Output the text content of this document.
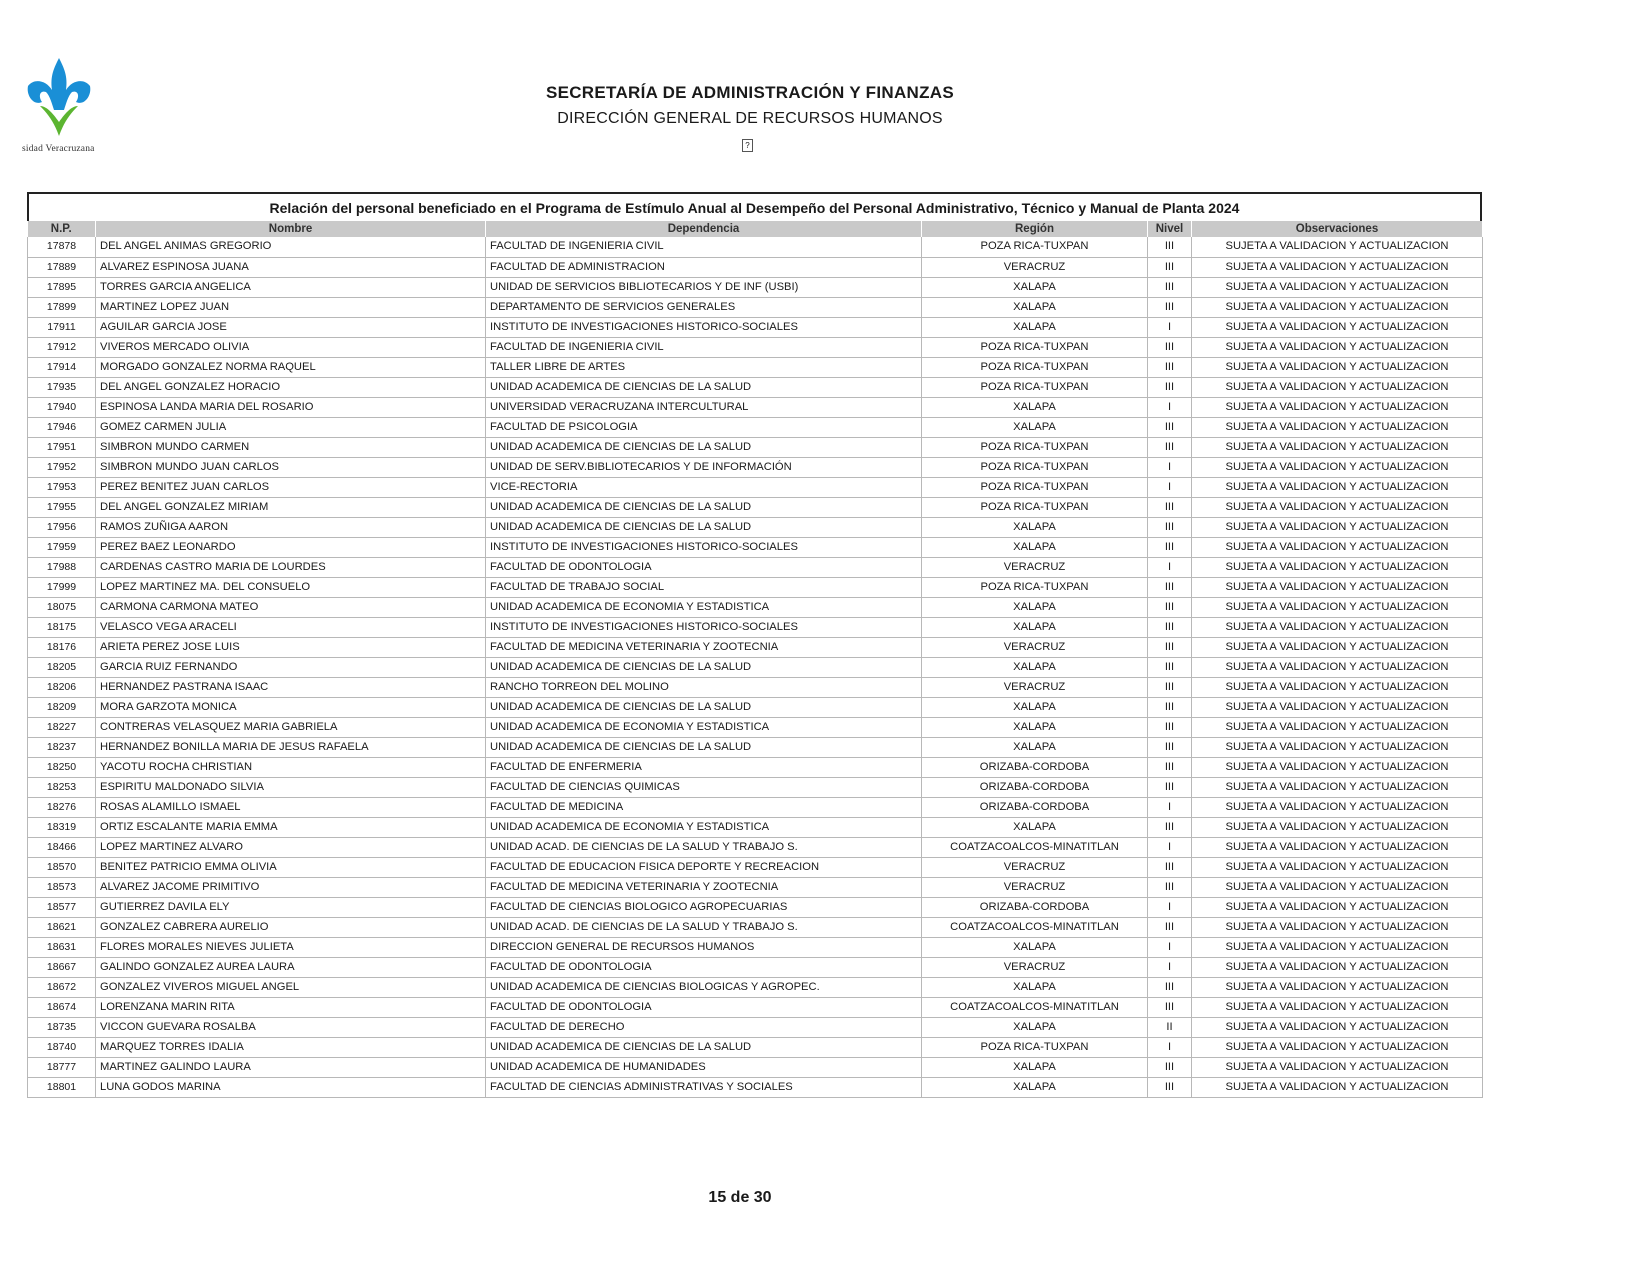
sidad Veracruzana
SECRETARÍA DE ADMINISTRACIÓN Y FINANZAS
DIRECCIÓN GENERAL DE RECURSOS HUMANOS
?
Relación del personal beneficiado en el Programa de Estímulo Anual al Desempeño del Personal Administrativo, Técnico y Manual de Planta 2024
N.P.	Nombre	Dependencia	Región	Nivel	Observaciones
17878	DEL ANGEL ANIMAS GREGORIO	FACULTAD DE INGENIERIA CIVIL	POZA RICA-TUXPAN	III	SUJETA A VALIDACION Y ACTUALIZACION
17889	ALVAREZ ESPINOSA JUANA	FACULTAD DE ADMINISTRACION	VERACRUZ	III	SUJETA A VALIDACION Y ACTUALIZACION
17895	TORRES GARCIA ANGELICA	UNIDAD DE SERVICIOS BIBLIOTECARIOS Y DE INF (USBI)	XALAPA	III	SUJETA A VALIDACION Y ACTUALIZACION
17899	MARTINEZ LOPEZ JUAN	DEPARTAMENTO DE SERVICIOS GENERALES	XALAPA	III	SUJETA A VALIDACION Y ACTUALIZACION
17911	AGUILAR GARCIA JOSE	INSTITUTO DE INVESTIGACIONES HISTORICO-SOCIALES	XALAPA	I	SUJETA A VALIDACION Y ACTUALIZACION
17912	VIVEROS MERCADO OLIVIA	FACULTAD DE INGENIERIA CIVIL	POZA RICA-TUXPAN	III	SUJETA A VALIDACION Y ACTUALIZACION
17914	MORGADO GONZALEZ NORMA RAQUEL	TALLER LIBRE DE ARTES	POZA RICA-TUXPAN	III	SUJETA A VALIDACION Y ACTUALIZACION
17935	DEL ANGEL GONZALEZ HORACIO	UNIDAD ACADEMICA DE CIENCIAS DE LA SALUD	POZA RICA-TUXPAN	III	SUJETA A VALIDACION Y ACTUALIZACION
17940	ESPINOSA LANDA MARIA DEL ROSARIO	UNIVERSIDAD VERACRUZANA INTERCULTURAL	XALAPA	I	SUJETA A VALIDACION Y ACTUALIZACION
17946	GOMEZ CARMEN JULIA	FACULTAD DE PSICOLOGIA	XALAPA	III	SUJETA A VALIDACION Y ACTUALIZACION
17951	SIMBRON MUNDO CARMEN	UNIDAD ACADEMICA DE CIENCIAS DE LA SALUD	POZA RICA-TUXPAN	III	SUJETA A VALIDACION Y ACTUALIZACION
17952	SIMBRON MUNDO JUAN CARLOS	UNIDAD DE SERV.BIBLIOTECARIOS Y DE INFORMACIÓN	POZA RICA-TUXPAN	I	SUJETA A VALIDACION Y ACTUALIZACION
17953	PEREZ BENITEZ JUAN CARLOS	VICE-RECTORIA	POZA RICA-TUXPAN	I	SUJETA A VALIDACION Y ACTUALIZACION
17955	DEL ANGEL GONZALEZ MIRIAM	UNIDAD ACADEMICA DE CIENCIAS DE LA SALUD	POZA RICA-TUXPAN	III	SUJETA A VALIDACION Y ACTUALIZACION
17956	RAMOS ZUÑIGA AARON	UNIDAD ACADEMICA DE CIENCIAS DE LA SALUD	XALAPA	III	SUJETA A VALIDACION Y ACTUALIZACION
17959	PEREZ BAEZ LEONARDO	INSTITUTO DE INVESTIGACIONES HISTORICO-SOCIALES	XALAPA	III	SUJETA A VALIDACION Y ACTUALIZACION
17988	CARDENAS CASTRO MARIA DE LOURDES	FACULTAD DE ODONTOLOGIA	VERACRUZ	I	SUJETA A VALIDACION Y ACTUALIZACION
17999	LOPEZ MARTINEZ MA. DEL CONSUELO	FACULTAD DE TRABAJO SOCIAL	POZA RICA-TUXPAN	III	SUJETA A VALIDACION Y ACTUALIZACION
18075	CARMONA CARMONA MATEO	UNIDAD ACADEMICA DE ECONOMIA Y ESTADISTICA	XALAPA	III	SUJETA A VALIDACION Y ACTUALIZACION
18175	VELASCO VEGA ARACELI	INSTITUTO DE INVESTIGACIONES HISTORICO-SOCIALES	XALAPA	III	SUJETA A VALIDACION Y ACTUALIZACION
18176	ARIETA PEREZ JOSE LUIS	FACULTAD DE MEDICINA VETERINARIA Y ZOOTECNIA	VERACRUZ	III	SUJETA A VALIDACION Y ACTUALIZACION
18205	GARCIA RUIZ FERNANDO	UNIDAD ACADEMICA DE CIENCIAS DE LA SALUD	XALAPA	III	SUJETA A VALIDACION Y ACTUALIZACION
18206	HERNANDEZ PASTRANA ISAAC	RANCHO TORREON DEL MOLINO	VERACRUZ	III	SUJETA A VALIDACION Y ACTUALIZACION
18209	MORA GARZOTA MONICA	UNIDAD ACADEMICA DE CIENCIAS DE LA SALUD	XALAPA	III	SUJETA A VALIDACION Y ACTUALIZACION
18227	CONTRERAS VELASQUEZ MARIA GABRIELA	UNIDAD ACADEMICA DE ECONOMIA Y ESTADISTICA	XALAPA	III	SUJETA A VALIDACION Y ACTUALIZACION
18237	HERNANDEZ BONILLA MARIA DE JESUS RAFAELA	UNIDAD ACADEMICA DE CIENCIAS DE LA SALUD	XALAPA	III	SUJETA A VALIDACION Y ACTUALIZACION
18250	YACOTU ROCHA CHRISTIAN	FACULTAD DE ENFERMERIA	ORIZABA-CORDOBA	III	SUJETA A VALIDACION Y ACTUALIZACION
18253	ESPIRITU MALDONADO SILVIA	FACULTAD DE CIENCIAS QUIMICAS	ORIZABA-CORDOBA	III	SUJETA A VALIDACION Y ACTUALIZACION
18276	ROSAS ALAMILLO ISMAEL	FACULTAD DE MEDICINA	ORIZABA-CORDOBA	I	SUJETA A VALIDACION Y ACTUALIZACION
18319	ORTIZ ESCALANTE MARIA EMMA	UNIDAD ACADEMICA DE ECONOMIA Y ESTADISTICA	XALAPA	III	SUJETA A VALIDACION Y ACTUALIZACION
18466	LOPEZ MARTINEZ ALVARO	UNIDAD ACAD. DE CIENCIAS DE LA SALUD Y TRABAJO S.	COATZACOALCOS-MINATITLAN	I	SUJETA A VALIDACION Y ACTUALIZACION
18570	BENITEZ PATRICIO EMMA OLIVIA	FACULTAD DE EDUCACION FISICA DEPORTE Y RECREACION	VERACRUZ	III	SUJETA A VALIDACION Y ACTUALIZACION
18573	ALVAREZ JACOME PRIMITIVO	FACULTAD DE MEDICINA VETERINARIA Y ZOOTECNIA	VERACRUZ	III	SUJETA A VALIDACION Y ACTUALIZACION
18577	GUTIERREZ DAVILA ELY	FACULTAD DE CIENCIAS BIOLOGICO AGROPECUARIAS	ORIZABA-CORDOBA	I	SUJETA A VALIDACION Y ACTUALIZACION
18621	GONZALEZ CABRERA AURELIO	UNIDAD ACAD. DE CIENCIAS DE LA SALUD Y TRABAJO S.	COATZACOALCOS-MINATITLAN	III	SUJETA A VALIDACION Y ACTUALIZACION
18631	FLORES MORALES NIEVES JULIETA	DIRECCION GENERAL DE RECURSOS HUMANOS	XALAPA	I	SUJETA A VALIDACION Y ACTUALIZACION
18667	GALINDO GONZALEZ AUREA LAURA	FACULTAD DE ODONTOLOGIA	VERACRUZ	I	SUJETA A VALIDACION Y ACTUALIZACION
18672	GONZALEZ VIVEROS MIGUEL ANGEL	UNIDAD ACADEMICA DE CIENCIAS BIOLOGICAS Y AGROPEC.	XALAPA	III	SUJETA A VALIDACION Y ACTUALIZACION
18674	LORENZANA MARIN RITA	FACULTAD DE ODONTOLOGIA	COATZACOALCOS-MINATITLAN	III	SUJETA A VALIDACION Y ACTUALIZACION
18735	VICCON GUEVARA ROSALBA	FACULTAD DE DERECHO	XALAPA	II	SUJETA A VALIDACION Y ACTUALIZACION
18740	MARQUEZ TORRES IDALIA	UNIDAD ACADEMICA DE CIENCIAS DE LA SALUD	POZA RICA-TUXPAN	I	SUJETA A VALIDACION Y ACTUALIZACION
18777	MARTINEZ GALINDO LAURA	UNIDAD ACADEMICA DE HUMANIDADES	XALAPA	III	SUJETA A VALIDACION Y ACTUALIZACION
18801	LUNA GODOS MARINA	FACULTAD DE CIENCIAS ADMINISTRATIVAS Y SOCIALES	XALAPA	III	SUJETA A VALIDACION Y ACTUALIZACION
15 de 30
